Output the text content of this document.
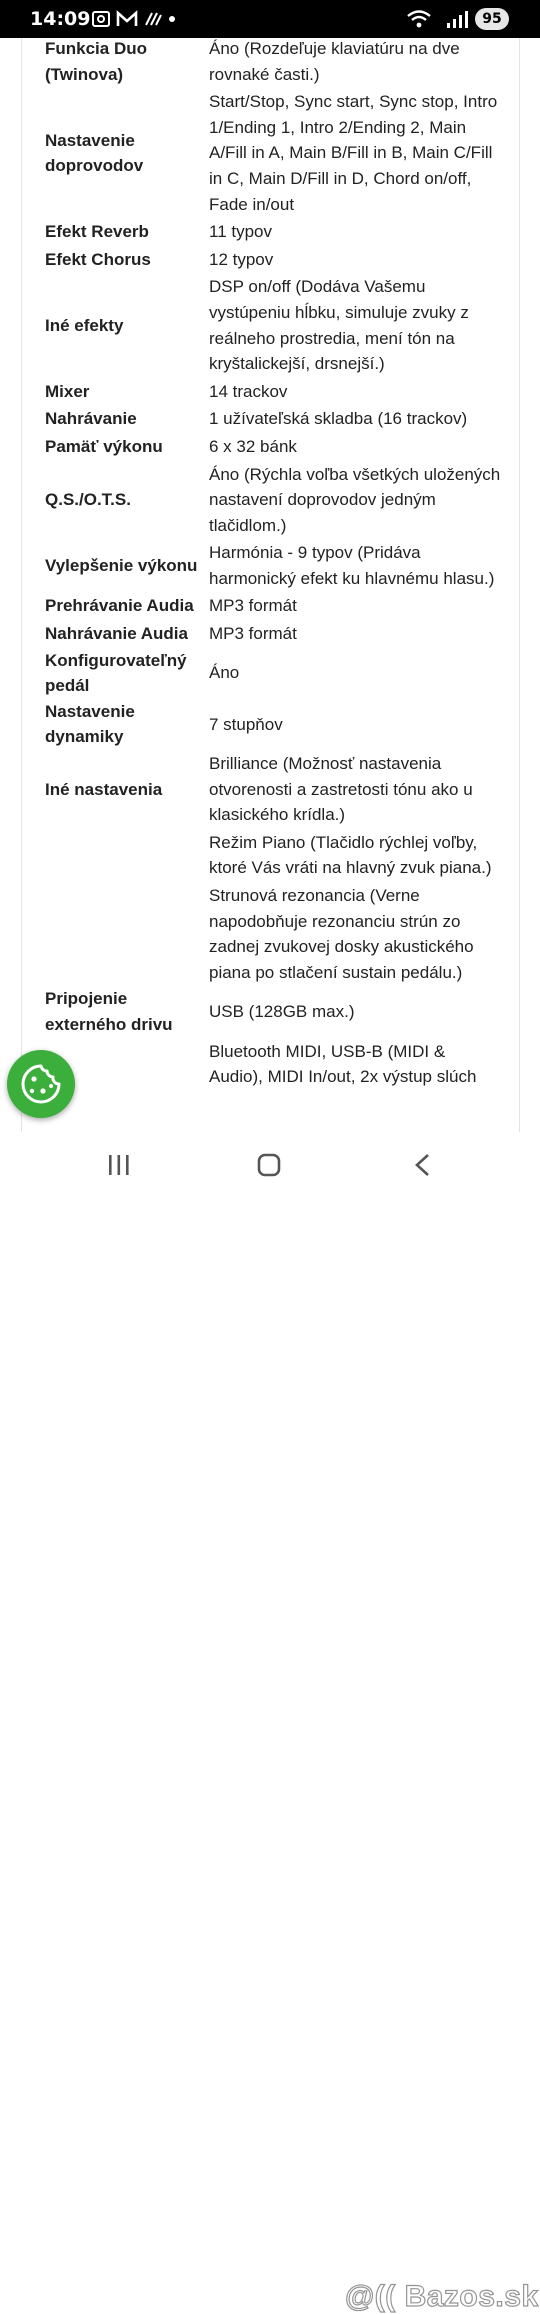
14:09	95
Funkcia Duo (Twinova)	Áno (Rozdeľuje klaviatúru na dve rovnaké časti.)

Nastavenie doprovodov	Start/Stop, Sync start, Sync stop, Intro 1/Ending 1, Intro 2/Ending 2, Main A/Fill in A, Main B/Fill in B, Main C/Fill in C, Main D/Fill in D, Chord on/off, Fade in/out

Efekt Reverb	11 typov

Efekt Chorus	12 typov

Iné efekty	DSP on/off (Dodáva Vašemu vystúpeniu hĺbku, simuluje zvuky z reálneho prostredia, mení tón na kryštalickejší, drsnejší.)

Mixer	14 trackov

Nahrávanie	1 užívateľská skladba (16 trackov)

Pamäť výkonu	6 x 32 bánk

Q.S./O.T.S.	Áno (Rýchla voľba všetkých uložených nastavení doprovodov jedným tlačidlom.)

Vylepšenie výkonu	Harmónia - 9 typov (Pridáva harmonický efekt ku hlavnému hlasu.)

Prehrávanie Audia	MP3 formát

Nahrávanie Audia	MP3 formát

Konfigurovateľný pedál	Áno

Nastavenie dynamiky	7 stupňov

Iné nastavenia	Brilliance (Možnosť nastavenia otvorenosti a zastretosti tónu ako u klasického krídla.)

	Režim Piano (Tlačidlo rýchlej voľby, ktoré Vás vráti na hlavný zvuk piana.)

	Strunová rezonancia (Verne napodobňuje rezonanciu strún zo zadnej zvukovej dosky akustického piana po stlačení sustain pedálu.)

Pripojenie externého drivu	USB (128GB max.)

	Bluetooth MIDI, USB-B (MIDI & Audio), MIDI In/out, 2x výstup slúch
@(( Bazos.sk
